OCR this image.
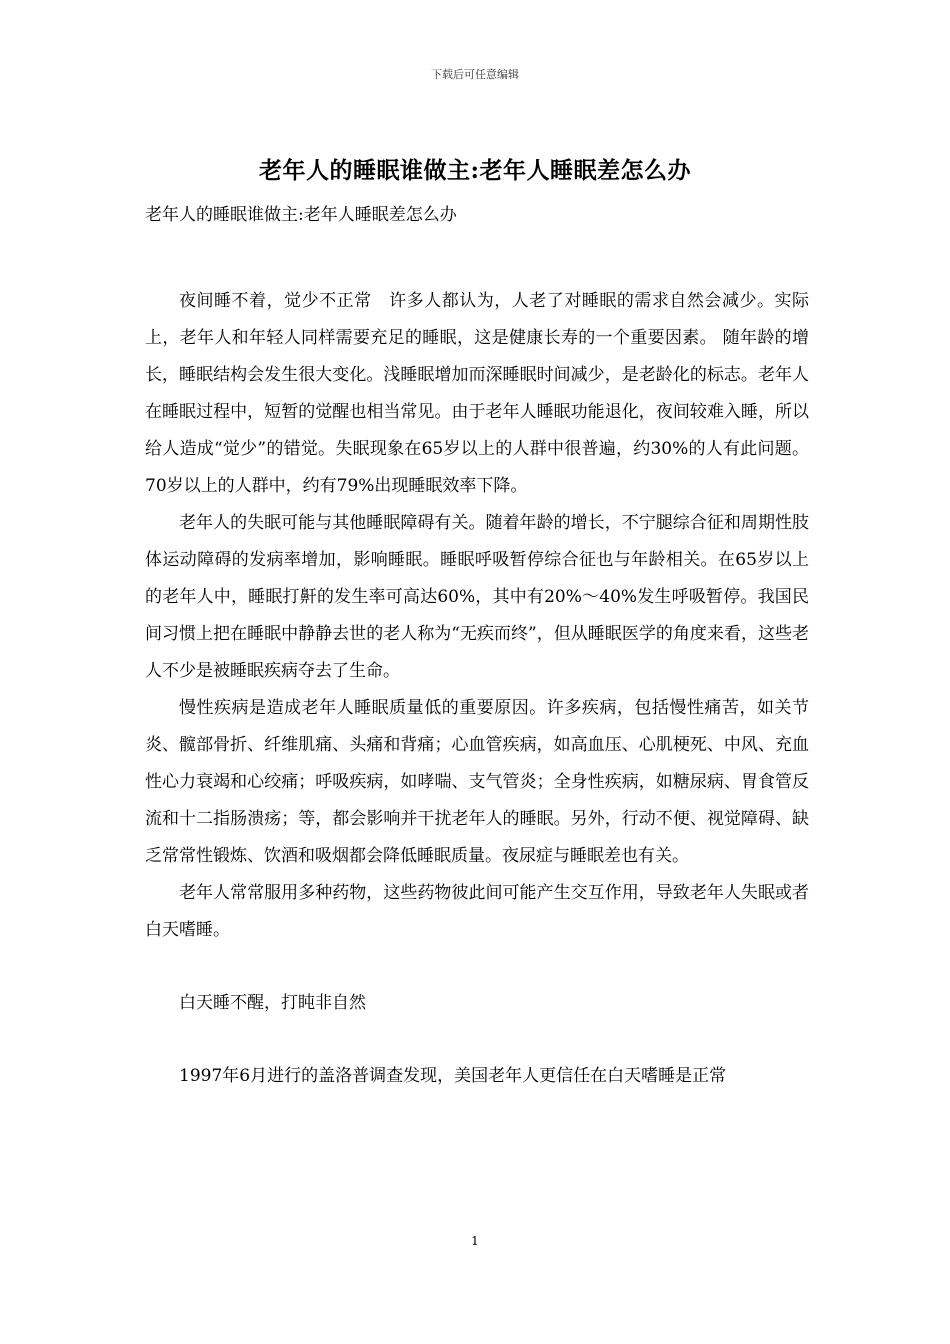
下载后可任意编辑
老年人的睡眠谁做主:老年人睡眠差怎么办

老年人的睡眠谁做主:老年人睡眠差怎么办

夜间睡不着，觉少不正常　许多人都认为，人老了对睡眠的需求自然会减少。实际上，老年人和年轻人同样需要充足的睡眠，这是健康长寿的一个重要因素。 随年龄的增长，睡眠结构会发生很大变化。浅睡眠增加而深睡眠时间减少，是老龄化的标志。老年人在睡眠过程中，短暂的觉醒也相当常见。由于老年人睡眠功能退化，夜间较难入睡，所以给人造成“觉少”的错觉。失眠现象在65岁以上的人群中很普遍，约30%的人有此问题。70岁以上的人群中，约有79%出现睡眠效率下降。

老年人的失眠可能与其他睡眠障碍有关。随着年龄的增长，不宁腿综合征和周期性肢体运动障碍的发病率增加，影响睡眠。睡眠呼吸暂停综合征也与年龄相关。在65岁以上的老年人中，睡眠打鼾的发生率可高达60%，其中有20%～40%发生呼吸暂停。我国民间习惯上把在睡眠中静静去世的老人称为“无疾而终”，但从睡眠医学的角度来看，这些老人不少是被睡眠疾病夺去了生命。

慢性疾病是造成老年人睡眠质量低的重要原因。许多疾病，包括慢性痛苦，如关节炎、髋部骨折、纤维肌痛、头痛和背痛；心血管疾病，如高血压、心肌梗死、中风、充血性心力衰竭和心绞痛；呼吸疾病，如哮喘、支气管炎；全身性疾病，如糖尿病、胃食管反流和十二指肠溃疡；等，都会影响并干扰老年人的睡眠。另外，行动不便、视觉障碍、缺乏常常性锻炼、饮酒和吸烟都会降低睡眠质量。夜尿症与睡眠差也有关。

老年人常常服用多种药物，这些药物彼此间可能产生交互作用，导致老年人失眠或者白天嗜睡。

白天睡不醒，打盹非自然

1997年6月进行的盖洛普调查发现，美国老年人更信任在白天嗜睡是正常

1
